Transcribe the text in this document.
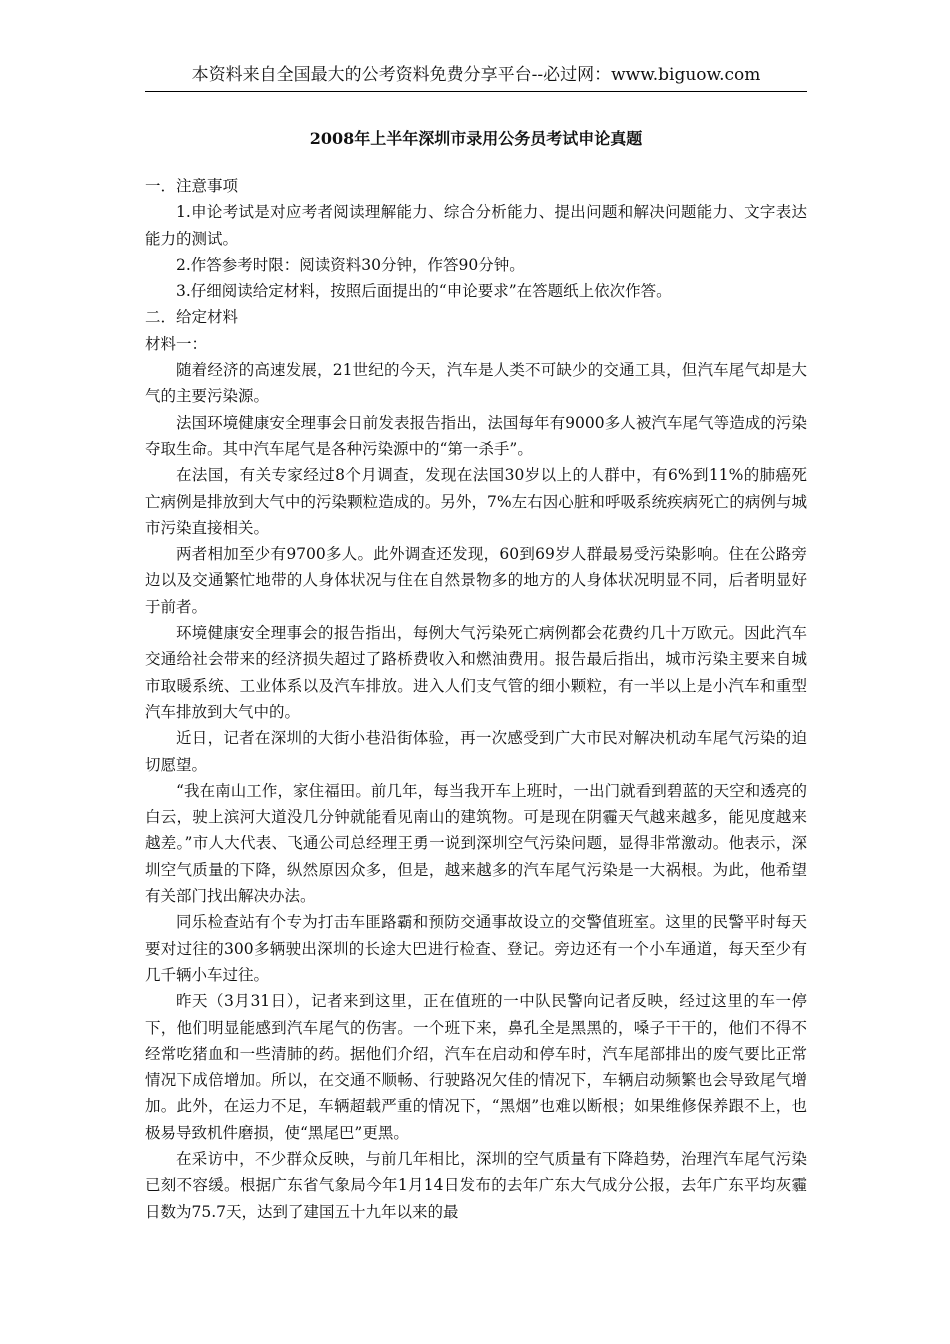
本资料来自全国最大的公考资料免费分享平台--必过网：www.biguow.com
2008年上半年深圳市录用公务员考试申论真题

一．注意事项

1.申论考试是对应考者阅读理解能力、综合分析能力、提出问题和解决问题能力、文字表达能力的测试。

2.作答参考时限：阅读资料30分钟，作答90分钟。

3.仔细阅读给定材料，按照后面提出的“申论要求”在答题纸上依次作答。

二．给定材料

材料一：

随着经济的高速发展，21世纪的今天，汽车是人类不可缺少的交通工具，但汽车尾气却是大气的主要污染源。

法国环境健康安全理事会日前发表报告指出，法国每年有9000多人被汽车尾气等造成的污染夺取生命。其中汽车尾气是各种污染源中的“第一杀手”。

在法国，有关专家经过8个月调查，发现在法国30岁以上的人群中，有6%到11%的肺癌死亡病例是排放到大气中的污染颗粒造成的。另外，7%左右因心脏和呼吸系统疾病死亡的病例与城市污染直接相关。

两者相加至少有9700多人。此外调查还发现，60到69岁人群最易受污染影响。住在公路旁边以及交通繁忙地带的人身体状况与住在自然景物多的地方的人身体状况明显不同，后者明显好于前者。

环境健康安全理事会的报告指出，每例大气污染死亡病例都会花费约几十万欧元。因此汽车交通给社会带来的经济损失超过了路桥费收入和燃油费用。报告最后指出，城市污染主要来自城市取暖系统、工业体系以及汽车排放。进入人们支气管的细小颗粒，有一半以上是小汽车和重型汽车排放到大气中的。

近日，记者在深圳的大街小巷沿街体验，再一次感受到广大市民对解决机动车尾气污染的迫切愿望。

“我在南山工作，家住福田。前几年，每当我开车上班时，一出门就看到碧蓝的天空和透亮的白云，驶上滨河大道没几分钟就能看见南山的建筑物。可是现在阴霾天气越来越多，能见度越来越差。”市人大代表、飞通公司总经理王勇一说到深圳空气污染问题，显得非常激动。他表示，深圳空气质量的下降，纵然原因众多，但是，越来越多的汽车尾气污染是一大祸根。为此，他希望有关部门找出解决办法。

同乐检查站有个专为打击车匪路霸和预防交通事故设立的交警值班室。这里的民警平时每天要对过往的300多辆驶出深圳的长途大巴进行检查、登记。旁边还有一个小车通道，每天至少有几千辆小车过往。

昨天（3月31日），记者来到这里，正在值班的一中队民警向记者反映，经过这里的车一停下，他们明显能感到汽车尾气的伤害。一个班下来，鼻孔全是黑黑的，嗓子干干的，他们不得不经常吃猪血和一些清肺的药。据他们介绍，汽车在启动和停车时，汽车尾部排出的废气要比正常情况下成倍增加。所以，在交通不顺畅、行驶路况欠佳的情况下，车辆启动频繁也会导致尾气增加。此外，在运力不足，车辆超载严重的情况下，“黑烟”也难以断根；如果维修保养跟不上，也极易导致机件磨损，使“黑尾巴”更黑。

在采访中，不少群众反映，与前几年相比，深圳的空气质量有下降趋势，治理汽车尾气污染已刻不容缓。根据广东省气象局今年1月14日发布的去年广东大气成分公报，去年广东平均灰霾日数为75.7天，达到了建国五十九年以来的最
